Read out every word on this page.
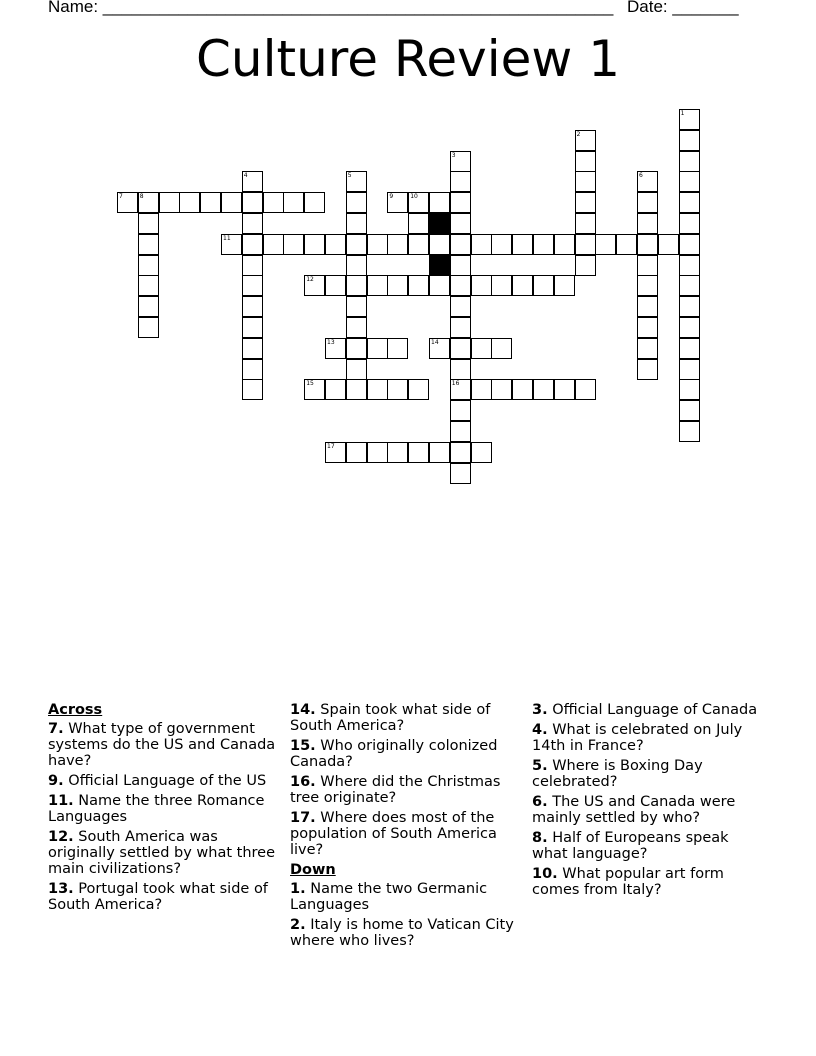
Name: ______________________________________________________ Date: _______
Culture Review 1
7	8	9	10
11
12
13	14
15	16
17
1
2
3
4	5	6
Across
7. What type of government systems do the US and Canada have?
9. Official Language of the US
11. Name the three Romance Languages
12. South America was originally settled by what three main civilizations?
13. Portugal took what side of South America?
14. Spain took what side of South America?
15. Who originally colonized Canada?
16. Where did the Christmas tree originate?
17. Where does most of the population of South America live?
Down
1. Name the two Germanic Languages
2. Italy is home to Vatican City where who lives?
3. Official Language of Canada
4. What is celebrated on July 14th in France?
5. Where is Boxing Day celebrated?
6. The US and Canada were mainly settled by who?
8. Half of Europeans speak what language?
10. What popular art form comes from Italy?
